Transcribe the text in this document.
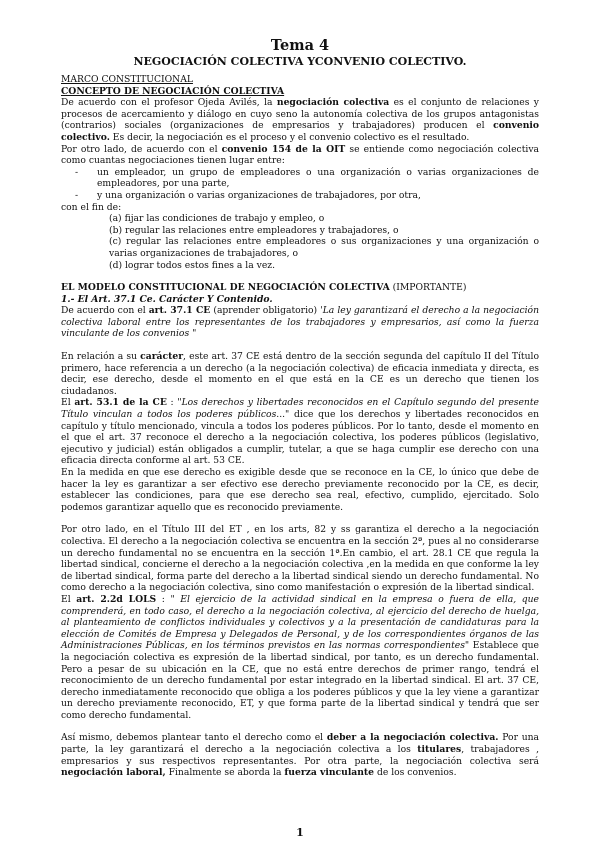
Tema 4
NEGOCIACIÓN COLECTIVA YCONVENIO COLECTIVO.

MARCO CONSTITUCIONAL

CONCEPTO DE NEGOCIACIÓN COLECTIVA

De acuerdo con el profesor Ojeda Avilés, la negociación colectiva es el conjunto de relaciones y procesos de acercamiento y diálogo en cuyo seno la autonomía colectiva de los grupos antagonistas (contrarios) sociales (organizaciones de empresarios y trabajadores) producen el convenio colectivo. Es decir, la negociación es el proceso y el convenio colectivo es el resultado.

Por otro lado, de acuerdo con el convenio 154 de la OIT se entiende como negociación colectiva como cuantas negociaciones tienen lugar entre:

-	un empleador, un grupo de empleadores o una organización o varias organizaciones de empleadores, por una parte,
-	y una organización o varias organizaciones de trabajadores, por otra,

con el fin de:

(a) fijar las condiciones de trabajo y empleo, o
(b) regular las relaciones entre empleadores y trabajadores, o
(c) regular las relaciones entre empleadores o sus organizaciones y una organización o varias organizaciones de trabajadores, o
(d) lograr todos estos fines a la vez.

EL MODELO CONSTITUCIONAL DE NEGOCIACIÓN COLECTIVA (IMPORTANTE)

1.- El Art. 37.1 Ce. Carácter Y Contenido.

De acuerdo con el art. 37.1 CE (aprender obligatorio) 'La ley garantizará el derecho a la negociación colectiva laboral entre los representantes de los trabajadores y empresarios, así como la fuerza vinculante de los convenios "

En relación a su carácter, este art. 37 CE está dentro de la sección segunda del capítulo II del Título primero, hace referencia a un derecho (a la negociación colectiva) de eficacia inmediata y directa, es decir, ese derecho, desde el momento en el que está en la CE es un derecho que tienen los ciudadanos.

El art. 53.1 de la CE : "Los derechos y libertades reconocidos en el Capítulo segundo del presente Título vinculan a todos los poderes públicos..." dice que los derechos y libertades reconocidos en capítulo y título mencionado, vincula a todos los poderes públicos. Por lo tanto, desde el momento en el que el art. 37 reconoce el derecho a la negociación colectiva, los poderes públicos (legislativo, ejecutivo y judicial) están obligados a cumplir, tutelar, a que se haga cumplir ese derecho con una eficacia directa conforme al art. 53 CE.

En la medida en que ese derecho es exigible desde que se reconoce en la CE, lo único que debe de hacer la ley es garantizar a ser efectivo ese derecho previamente reconocido por la CE, es decir, establecer las condiciones, para que ese derecho sea real, efectivo, cumplido, ejercitado. Solo podemos garantizar aquello que es reconocido previamente.

Por otro lado, en el Título III del ET , en los arts, 82 y ss garantiza el derecho a la negociación colectiva. El derecho a la negociación colectiva se encuentra en la sección 2ª, pues al no considerarse un derecho fundamental no se encuentra en la sección 1ª.En cambio, el art. 28.1 CE que regula la libertad sindical, concierne el derecho a la negociación colectiva ,en la medida en que conforme la ley de libertad sindical, forma parte del derecho a la libertad sindical siendo un derecho fundamental. No como derecho a la negociación colectiva, sino como manifestación o expresión de la libertad sindical.

El art. 2.2d LOLS : " El ejercicio de la actividad sindical en la empresa o fuera de ella, que comprenderá, en todo caso, el derecho a la negociación colectiva, al ejercicio del derecho de huelga, al planteamiento de conflictos individuales y colectivos y a la presentación de candidaturas para la elección de Comités de Empresa y Delegados de Personal, y de los correspondientes órganos de las Administraciones Públicas, en los términos previstos en las normas correspondientes" Establece que la negociación colectiva es expresión de la libertad sindical, por tanto, es un derecho fundamental. Pero a pesar de su ubicación en la CE, que no está entre derechos de primer rango, tendrá el reconocimiento de un derecho fundamental por estar integrado en la libertad sindical. El art. 37 CE, derecho inmediatamente reconocido que obliga a los poderes públicos y que la ley viene a garantizar un derecho previamente reconocido, ET, y que forma parte de la libertad sindical y tendrá que ser como derecho fundamental.

Así mismo, debemos plantear tanto el derecho como el deber a la negociación colectiva. Por una parte, la ley garantizará el derecho a la negociación colectiva a los titulares, trabajadores , empresarios y sus respectivos representantes. Por otra parte, la negociación colectiva será negociación laboral, Finalmente se aborda la fuerza vinculante de los convenios.

1
